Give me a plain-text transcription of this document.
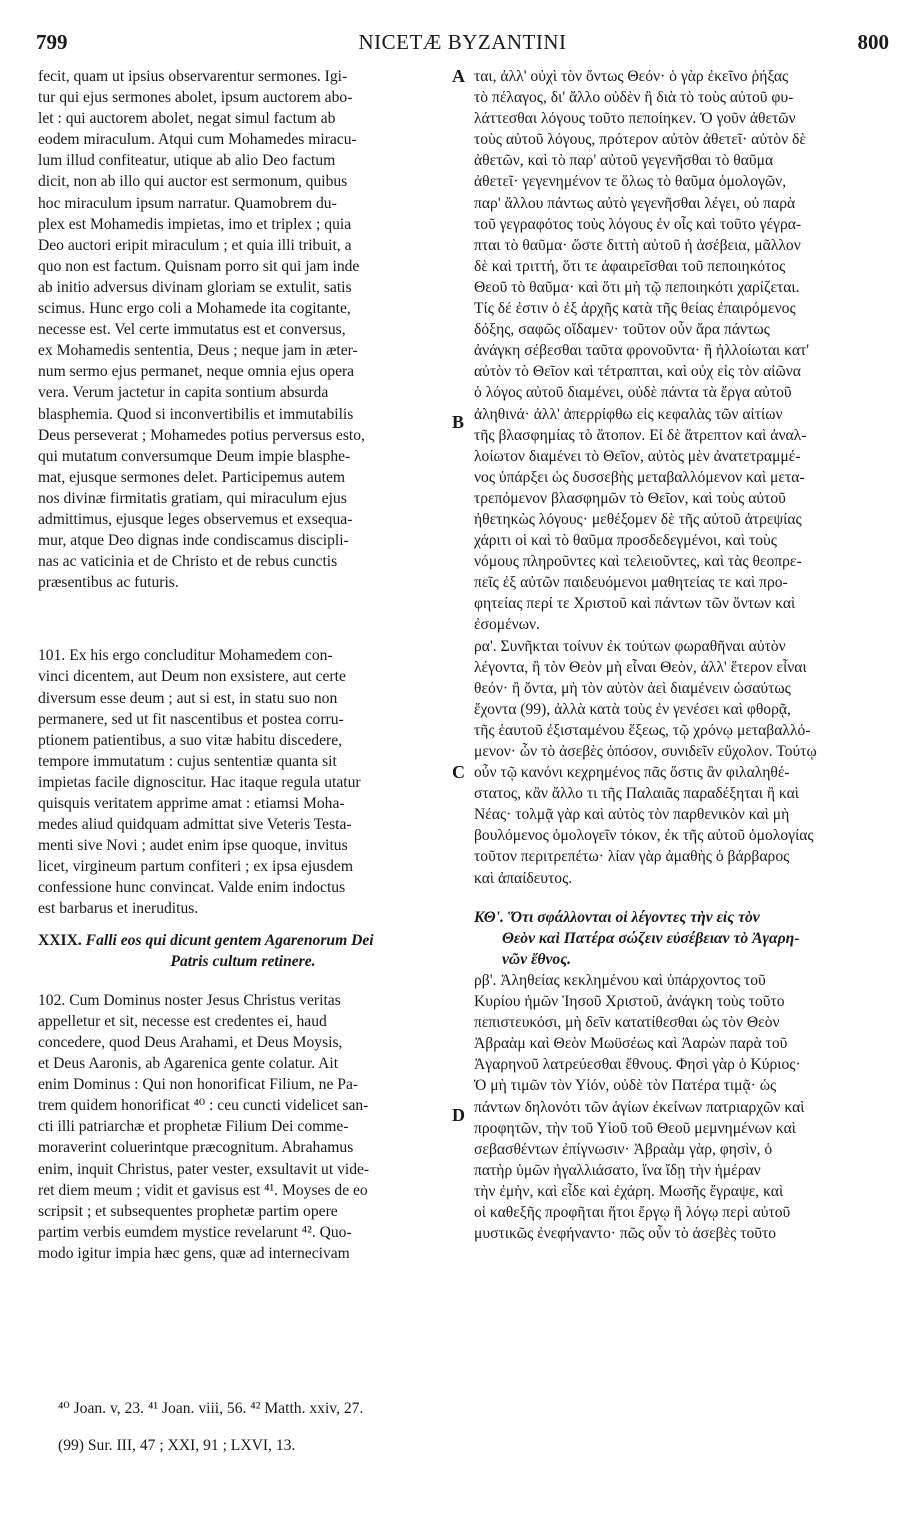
799	NICETÆ BYZANTINI	800
fecit, quam ut ipsius observarentur sermones. Igi-
tur qui ejus sermones abolet, ipsum auctorem abo-
let : qui auctorem abolet, negat simul factum ab
eodem miraculum. Atqui cum Mohamedes miracu-
lum illud confiteatur, utique ab alio Deo factum
dicit, non ab illo qui auctor est sermonum, quibus
hoc miraculum ipsum narratur. Quamobrem du-
plex est Mohamedis impietas, imo et triplex ; quia
Deo auctori eripit miraculum ; et quia illi tribuit, a
quo non est factum. Quisnam porro sit qui jam inde
ab initio adversus divinam gloriam se extulit, satis
scimus. Hunc ergo coli a Mohamede ita cogitante,
necesse est. Vel certe immutatus est et conversus,
ex Mohamedis sententia, Deus ; neque jam in æter-
num sermo ejus permanet, neque omnia ejus opera
vera. Verum jactetur in capita sontium absurda
blasphemia. Quod si inconvertibilis et immutabilis
Deus perseverat ; Mohamedes potius perversus esto,
qui mutatum conversumque Deum impie blasphe-
mat, ejusque sermones delet. Participemus autem
nos divinæ firmitatis gratiam, qui miraculum ejus
admittimus, ejusque leges observemus et exsequa-
mur, atque Deo dignas inde condiscamus discipli-
nas ac vaticinia et de Christo et de rebus cunctis
præsentibus ac futuris.
101. Ex his ergo concluditur Mohamedem con-
vinci dicentem, aut Deum non exsistere, aut certe
diversum esse deum ; aut si est, in statu suo non
permanere, sed ut fit nascentibus et postea corru-
ptionem patientibus, a suo vitæ habitu discedere,
tempore immutatum : cujus sententiæ quanta sit
impietas facile dignoscitur. Hac itaque regula utatur
quisquis veritatem apprime amat : etiamsi Moha-
medes aliud quidquam admittat sive Veteris Testa-
menti sive Novi ; audet enim ipse quoque, invitus
licet, virgineum partum confiteri ; ex ipsa ejusdem
confessione hunc convincat. Valde enim indoctus
est barbarus et ineruditus.
XXIX. Falli eos qui dicunt gentem Agarenorum Dei
Patris cultum retinere.
102. Cum Dominus noster Jesus Christus veritas
appelletur et sit, necesse est credentes ei, haud
concedere, quod Deus Arahami, et Deus Moysis,
et Deus Aaronis, ab Agarenica gente colatur. Ait
enim Dominus : Qui non honorificat Filium, ne Pa-
trem quidem honorificat ⁴⁰ : ceu cuncti videlicet san-
cti illi patriarchæ et prophetæ Filium Dei comme-
moraverint coluerintque præcognitum. Abrahamus
enim, inquit Christus, pater vester, exsultavit ut vide-
ret diem meum ; vidit et gavisus est ⁴¹. Moyses de eo
scripsit ; et subsequentes prophetæ partim opere
partim verbis eumdem mystice revelarunt ⁴². Quo-
modo igitur impia hæc gens, quæ ad internecivam
A
B
C
D
ται, ἀλλ' οὐχὶ τὸν ὄντως Θεόν· ὁ γὰρ ἐκεῖνο ῥήξας
τὸ πέλαγος, δι' ἄλλο οὐδὲν ἢ διὰ τὸ τοὺς αὐτοῦ φυ-
λάττεσθαι λόγους τοῦτο πεποίηκεν. Ὁ γοῦν ἀθετῶν
τοὺς αὐτοῦ λόγους, πρότερον αὐτὸν ἀθετεῖ· αὐτὸν δὲ
ἀθετῶν, καὶ τὸ παρ' αὐτοῦ γεγενῆσθαι τὸ θαῦμα
ἀθετεῖ· γεγενημένον τε ὅλως τὸ θαῦμα ὁμολογῶν,
παρ' ἄλλου πάντως αὐτὸ γεγενῆσθαι λέγει, οὐ παρὰ
τοῦ γεγραφότος τοὺς λόγους ἐν οἷς καὶ τοῦτο γέγρα-
πται τὸ θαῦμα· ὥστε διττὴ αὐτοῦ ἡ ἀσέβεια, μᾶλλον
δὲ καὶ τριττή, ὅτι τε ἀφαιρεῖσθαι τοῦ πεποιηκότος
Θεοῦ τὸ θαῦμα· καὶ ὅτι μὴ τῷ πεποιηκότι χαρίζεται.
Τίς δέ ἐστιν ὁ ἐξ ἀρχῆς κατὰ τῆς θείας ἐπαιρόμενος
δόξης, σαφῶς οἴδαμεν· τοῦτον οὖν ἄρα πάντως
ἀνάγκη σέβεσθαι ταῦτα φρονοῦντα· ἢ ἠλλοίωται κατ'
αὐτὸν τὸ Θεῖον καὶ τέτραπται, καὶ οὐχ εἰς τὸν αἰῶνα
ὁ λόγος αὐτοῦ διαμένει, οὐδὲ πάντα τὰ ἔργα αὐτοῦ
ἀληθινά· ἀλλ' ἀπερρίφθω εἰς κεφαλὰς τῶν αἰτίων
τῆς βλασφημίας τὸ ἄτοπον. Εἰ δὲ ἄτρεπτον καὶ ἀναλ-
λοίωτον διαμένει τὸ Θεῖον, αὐτὸς μὲν ἀνατετραμμέ-
νος ὑπάρξει ὡς δυσσεβὴς μεταβαλλόμενον καὶ μετα-
τρεπόμενον βλασφημῶν τὸ Θεῖον, καὶ τοὺς αὐτοῦ
ἠθετηκὼς λόγους· μεθέξομεν δὲ τῆς αὐτοῦ ἀτρεψίας
χάριτι οἱ καὶ τὸ θαῦμα προσδεδεγμένοι, καὶ τοὺς
νόμους πληροῦντες καὶ τελειοῦντες, καὶ τὰς θεοπρε-
πεῖς ἐξ αὐτῶν παιδευόμενοι μαθητείας τε καὶ προ-
φητείας περί τε Χριστοῦ καὶ πάντων τῶν ὄντων καὶ
ἐσομένων.
ρα'. Συνῆκται τοίνυν ἐκ τούτων φωραθῆναι αὐτὸν
λέγοντα, ἢ τὸν Θεὸν μὴ εἶναι Θεὸν, ἀλλ' ἕτερον εἶναι
θεόν· ἢ ὄντα, μὴ τὸν αὐτὸν ἀεὶ διαμένειν ὡσαύτως
ἔχοντα (99), ἀλλὰ κατὰ τοὺς ἐν γενέσει καὶ φθορᾷ,
τῆς ἑαυτοῦ ἐξισταμένου ἕξεως, τῷ χρόνῳ μεταβαλλό-
μενον· ὧν τὸ ἀσεβὲς ὁπόσον, συνιδεῖν εὔχολον. Τούτῳ
οὖν τῷ κανόνι κεχρημένος πᾶς ὅστις ἂν φιλαληθέ-
στατος, κἂν ἄλλο τι τῆς Παλαιᾶς παραδέξηται ἢ καὶ
Νέας· τολμᾷ γὰρ καὶ αὐτὸς τὸν παρθενικὸν καὶ μὴ
βουλόμενος ὁμολογεῖν τόκον, ἐκ τῆς αὐτοῦ ὁμολογίας
τοῦτον περιτρεπέτω· λίαν γὰρ ἀμαθὴς ὁ βάρβαρος
καὶ ἀπαίδευτος.
ΚΘ'. Ὅτι σφάλλονται οἱ λέγοντες τὴν εἰς τὸν
Θεὸν καὶ Πατέρα σώζειν εὐσέβειαν τὸ Ἀγαρη-
νῶν ἔθνος.
ρβ'. Ἀληθείας κεκλημένου καὶ ὑπάρχοντος τοῦ
Κυρίου ἡμῶν Ἰησοῦ Χριστοῦ, ἀνάγκη τοὺς τοῦτο
πεπιστευκόσι, μὴ δεῖν κατατίθεσθαι ὡς τὸν Θεὸν
Ἀβραὰμ καὶ Θεὸν Μωϋσέως καὶ Ἀαρὼν παρὰ τοῦ
Ἀγαρηνοῦ λατρεύεσθαι ἔθνους. Φησὶ γὰρ ὁ Κύριος·
Ὁ μὴ τιμῶν τὸν Υἱόν, οὐδὲ τὸν Πατέρα τιμᾷ· ὡς
πάντων δηλονότι τῶν ἁγίων ἐκείνων πατριαρχῶν καὶ
προφητῶν, τὴν τοῦ Υἱοῦ τοῦ Θεοῦ μεμνημένων καὶ
σεβασθέντων ἐπίγνωσιν· Ἀβραὰμ γὰρ, φησὶν, ὁ
πατὴρ ὑμῶν ἠγαλλιάσατο, ἵνα ἴδῃ τὴν ἡμέραν
τὴν ἐμὴν, καὶ εἶδε καὶ ἐχάρη. Μωσῆς ἔγραψε, καὶ
οἱ καθεξῆς προφῆται ἤτοι ἔργῳ ἢ λόγῳ περὶ αὐτοῦ
μυστικῶς ἐνεφήναντο· πῶς οὖν τὸ ἀσεβὲς τοῦτο
⁴⁰ Joan. v, 23. ⁴¹ Joan. viii, 56. ⁴² Matth. xxiv, 27.
(99) Sur. III, 47 ; XXI, 91 ; LXVI, 13.
